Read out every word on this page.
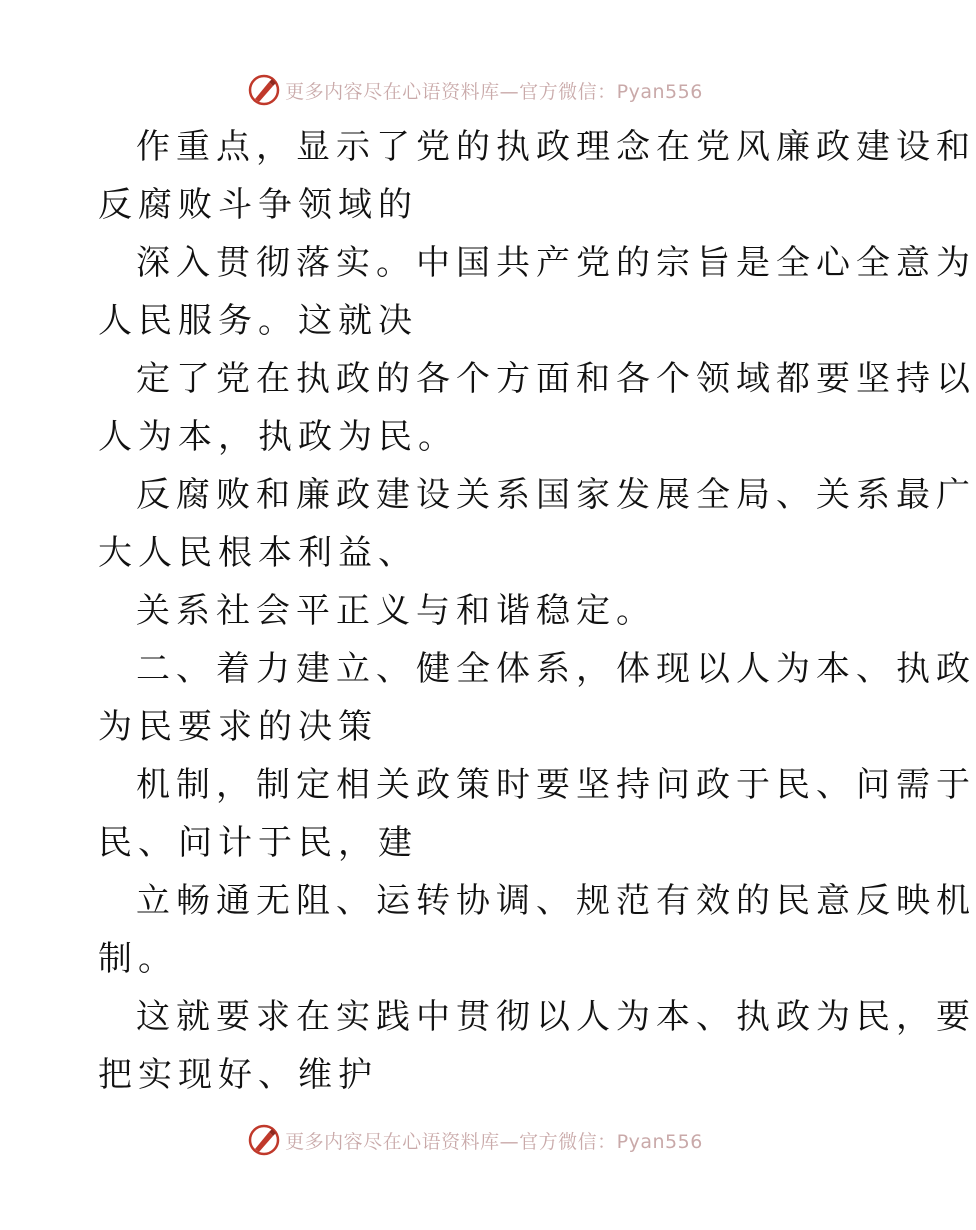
更多内容尽在心语资料库—官方微信：Pyan556
作重点，显示了党的执政理念在党风廉政建设和
反腐败斗争领域的
深入贯彻落实。中国共产党的宗旨是全心全意为
人民服务。这就决
定了党在执政的各个方面和各个领域都要坚持以
人为本，执政为民。
反腐败和廉政建设关系国家发展全局、关系最广
大人民根本利益、
关系社会平正义与和谐稳定。
二、着力建立、健全体系，体现以人为本、执政
为民要求的决策
机制，制定相关政策时要坚持问政于民、问需于
民、问计于民，建
立畅通无阻、运转协调、规范有效的民意反映机
制。
这就要求在实践中贯彻以人为本、执政为民，要
把实现好、维护
更多内容尽在心语资料库—官方微信：Pyan556
